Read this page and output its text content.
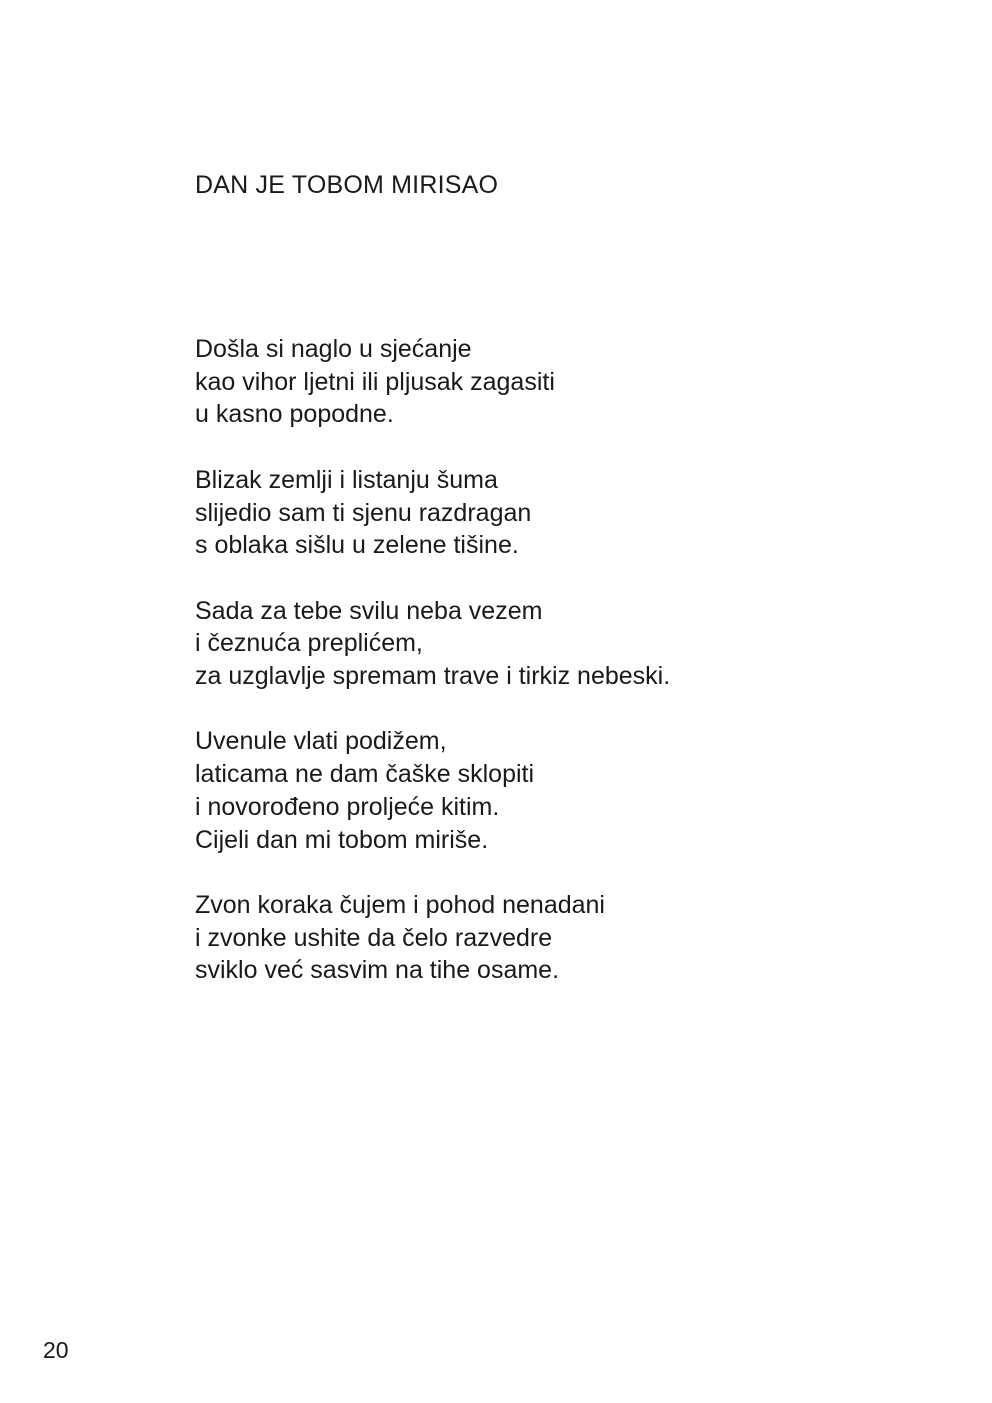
DAN JE TOBOM MIRISAO

Došla si naglo u sjećanje
kao vihor ljetni ili pljusak zagasiti
u kasno popodne.

Blizak zemlji i listanju šuma
slijedio sam ti sjenu razdragan
s oblaka sišlu u zelene tišine.

Sada za tebe svilu neba vezem
i čeznuća preplićem,
za uzglavlje spremam trave i tirkiz nebeski.

Uvenule vlati podižem,
laticama ne dam čaške sklopiti
i novorođeno proljeće kitim.
Cijeli dan mi tobom miriše.

Zvon koraka čujem i pohod nenadani
i zvonke ushite da čelo razvedre
sviklo već sasvim na tihe osame.

20
